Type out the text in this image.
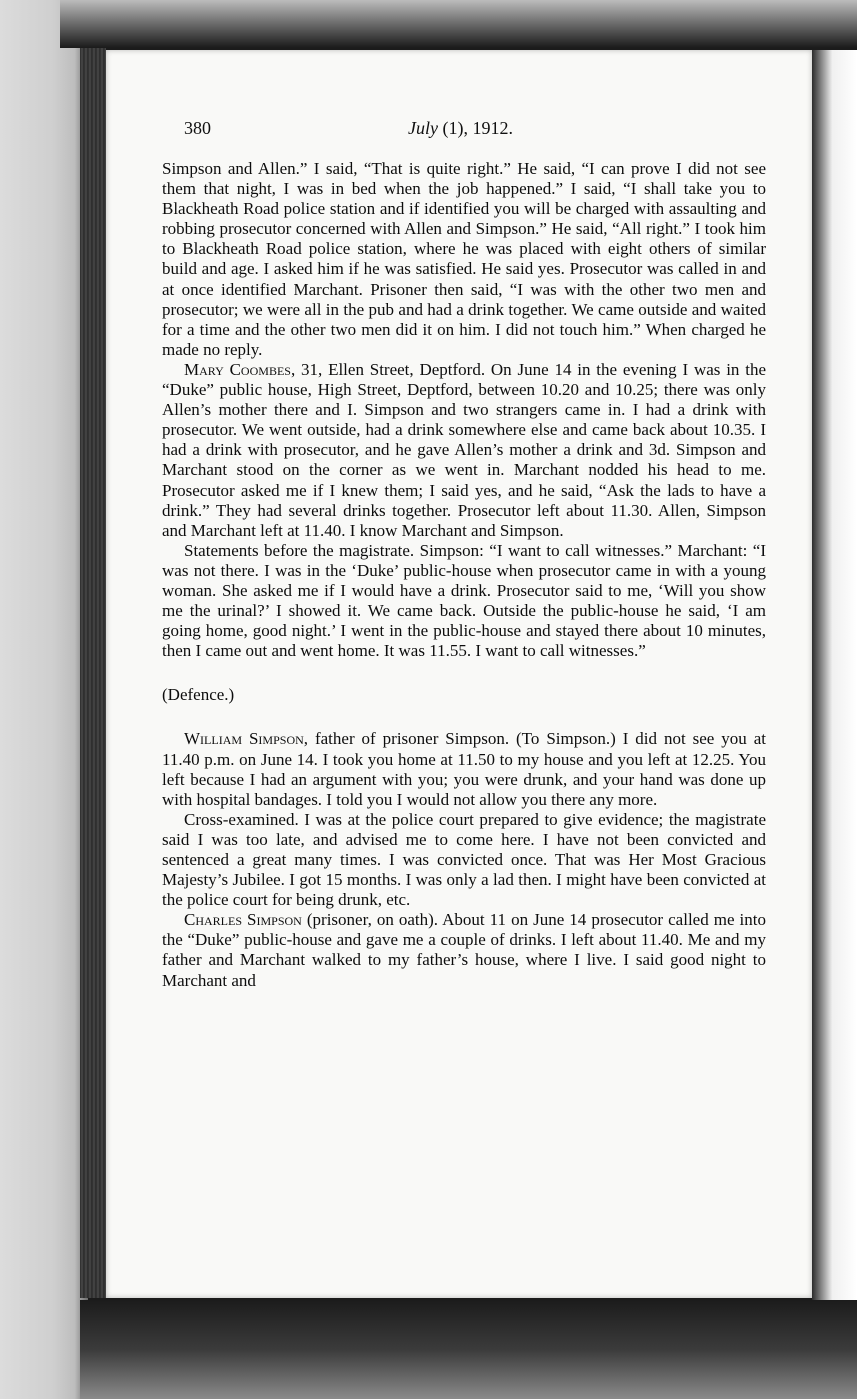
380	July (1), 1912.

Simpson and Allen.” I said, “That is quite right.” He said, “I can prove I did not see them that night, I was in bed when the job happened.” I said, “I shall take you to Blackheath Road police station and if identified you will be charged with assaulting and robbing prosecutor concerned with Allen and Simpson.” He said, “All right.” I took him to Blackheath Road police station, where he was placed with eight others of similar build and age. I asked him if he was satisfied. He said yes. Prosecutor was called in and at once identified Marchant. Prisoner then said, “I was with the other two men and prosecutor; we were all in the pub and had a drink together. We came outside and waited for a time and the other two men did it on him. I did not touch him.” When charged he made no reply.

Mary Coombes, 31, Ellen Street, Deptford. On June 14 in the evening I was in the “Duke” public house, High Street, Deptford, between 10.20 and 10.25; there was only Allen’s mother there and I. Simpson and two strangers came in. I had a drink with prosecutor. We went outside, had a drink somewhere else and came back about 10.35. I had a drink with prosecutor, and he gave Allen’s mother a drink and 3d. Simpson and Marchant stood on the corner as we went in. Marchant nodded his head to me. Prosecutor asked me if I knew them; I said yes, and he said, “Ask the lads to have a drink.” They had several drinks together. Prosecutor left about 11.30. Allen, Simpson and Marchant left at 11.40. I know Marchant and Simpson.

Statements before the magistrate. Simpson: “I want to call witnesses.” Marchant: “I was not there. I was in the ‘Duke’ public-house when prosecutor came in with a young woman. She asked me if I would have a drink. Prosecutor said to me, ‘Will you show me the urinal?’ I showed it. We came back. Outside the public-house he said, ‘I am going home, good night.’ I went in the public-house and stayed there about 10 minutes, then I came out and went home. It was 11.55. I want to call witnesses.”

(Defence.)

William Simpson, father of prisoner Simpson. (To Simpson.) I did not see you at 11.40 p.m. on June 14. I took you home at 11.50 to my house and you left at 12.25. You left because I had an argument with you; you were drunk, and your hand was done up with hospital bandages. I told you I would not allow you there any more.

Cross-examined. I was at the police court prepared to give evidence; the magistrate said I was too late, and advised me to come here. I have not been convicted and sentenced a great many times. I was convicted once. That was Her Most Gracious Majesty’s Jubilee. I got 15 months. I was only a lad then. I might have been convicted at the police court for being drunk, etc.

Charles Simpson (prisoner, on oath). About 11 on June 14 prosecutor called me into the “Duke” public-house and gave me a couple of drinks. I left about 11.40. Me and my father and Marchant walked to my father’s house, where I live. I said good night to Marchant and
